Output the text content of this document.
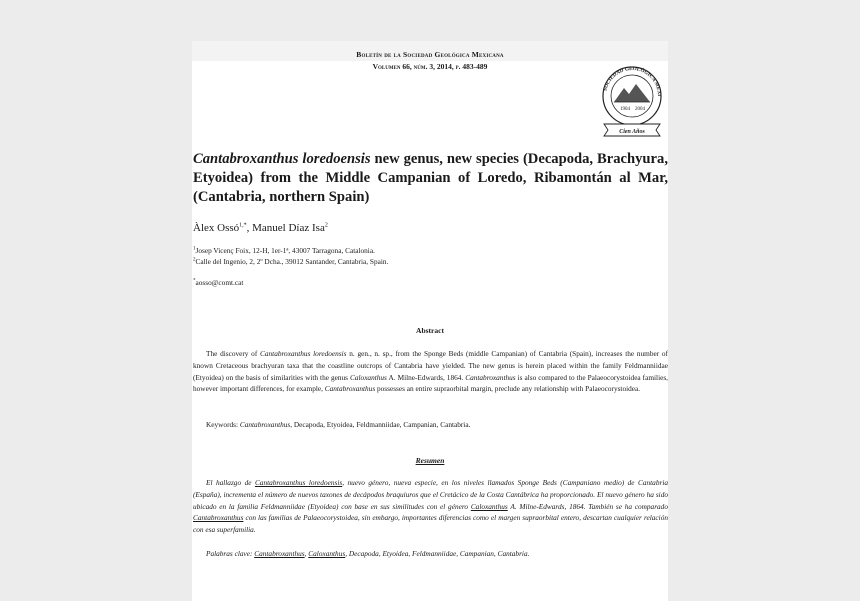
Boletín de la Sociedad Geológica Mexicana
Volumen 66, núm. 3, 2014, p. 483-489
SOCIEDAD GEOLÓGICA MEXI
1904 2004
Cien Años
Cantabroxanthus loredoensis new genus, new species (Decapoda, Brachyura, Etyoidea) from the Middle Campanian of Loredo, Ribamontán al Mar, (Cantabria, northern Spain)
Àlex Ossó$^{1,*}$, Manuel Díaz Isa$^2$
$^1$Josep Vicenç Foix, 12-H, 1er-1ª, 43007 Tarragona, Catalonia.
$^2$Calle del Ingenio, 2, 2º Dcha., 39012 Santander, Cantabria, Spain.
*aosso@comt.cat
Abstract
The discovery of Cantabroxanthus loredoensis n. gen., n. sp., from the Sponge Beds (middle Campanian) of Cantabria (Spain), increases the number of known Cretaceous brachyuran taxa that the coastline outcrops of Cantabria have yielded. The new genus is herein placed within the family Feldmanniidae (Etyoidea) on the basis of similarities with the genus Caloxanthus A. Milne-Edwards, 1864. Cantabroxanthus is also compared to the Palaeocorystoidea families, however important differences, for example, Cantabroxanthus possesses an entire supraorbital margin, preclude any relationship with Palaeocorystoidea.
Keywords: Cantabroxanthus, Decapoda, Etyoidea, Feldmanniidae, Campanian, Cantabria.
Resumen
El hallazgo de Cantabroxanthus loredoensis, nuevo género, nueva especie, en los niveles llamados Sponge Beds (Campaniano medio) de Cantabria (España), incrementa el número de nuevos taxones de decápodos braquiuros que el Cretácico de la Costa Cantábrica ha proporcionado. El nuevo género ha sido ubicado en la familia Feldmanniidae (Etyoidea) con base en sus similitudes con el género Caloxanthus A. Milne-Edwards, 1864. También se ha comparado Cantabroxanthus con las familias de Palaeocorystoidea, sin embargo, importantes diferencias como el margen supraorbital entero, descartan cualquier relación con esa superfamilia.
Palabras clave: Cantabroxanthus, Caloxanthus, Decapoda, Etyoidea, Feldmanniidae, Campanian, Cantabria.
